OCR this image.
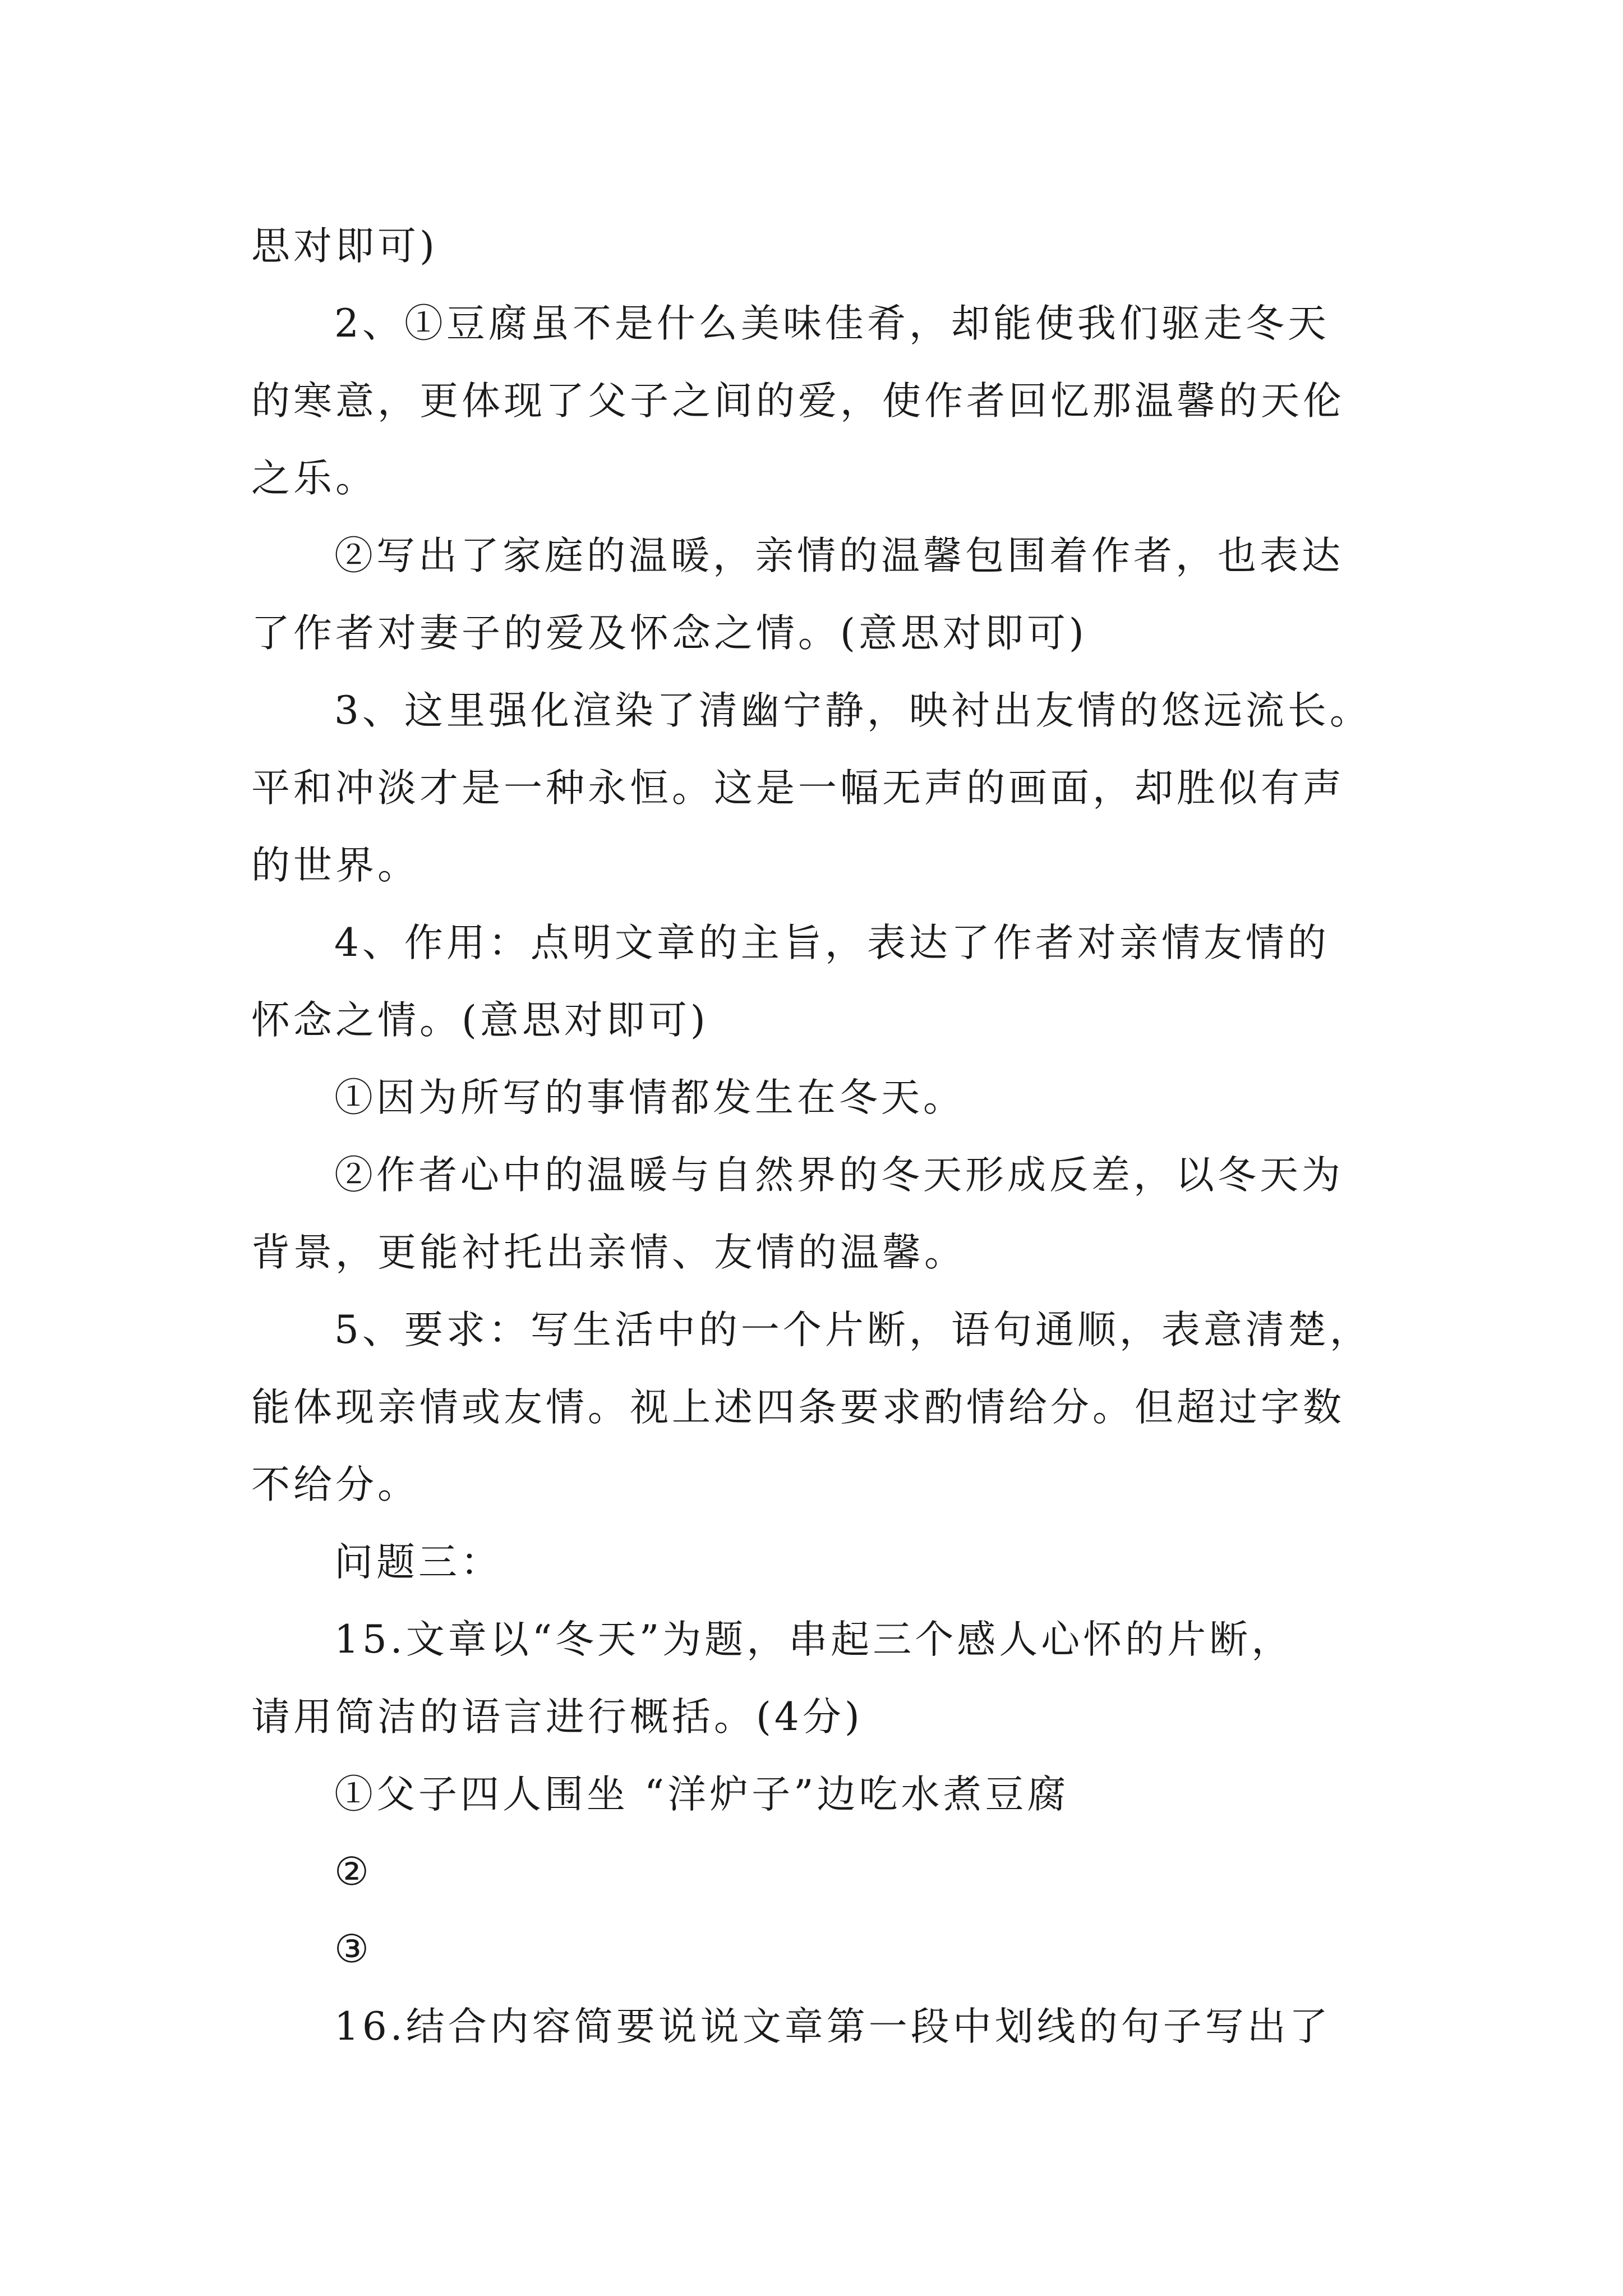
思对即可)
2、①豆腐虽不是什么美味佳肴，却能使我们驱走冬天
的寒意，更体现了父子之间的爱，使作者回忆那温馨的天伦
之乐。
②写出了家庭的温暖，亲情的温馨包围着作者，也表达
了作者对妻子的爱及怀念之情。(意思对即可)
3、这里强化渲染了清幽宁静，映衬出友情的悠远流长。
平和冲淡才是一种永恒。这是一幅无声的画面，却胜似有声
的世界。
4、作用：点明文章的主旨，表达了作者对亲情友情的
怀念之情。(意思对即可)
①因为所写的事情都发生在冬天。
②作者心中的温暖与自然界的冬天形成反差，以冬天为
背景，更能衬托出亲情、友情的温馨。
5、要求：写生活中的一个片断，语句通顺，表意清楚，
能体现亲情或友情。视上述四条要求酌情给分。但超过字数
不给分。
问题三：
15.文章以“冬天”为题，串起三个感人心怀的片断，
请用简洁的语言进行概括。(4分)
①父子四人围坐 “洋炉子”边吃水煮豆腐
②
③
16.结合内容简要说说文章第一段中划线的句子写出了
